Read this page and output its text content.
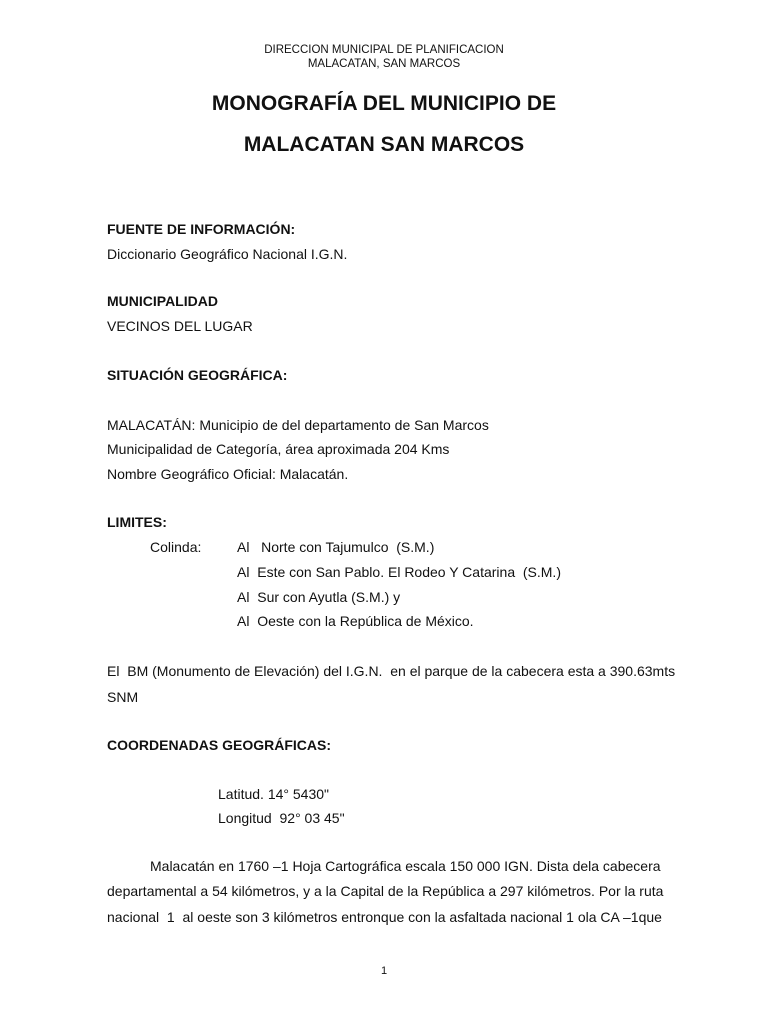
DIRECCION MUNICIPAL DE PLANIFICACION
MALACATAN, SAN MARCOS
MONOGRAFÍA DEL MUNICIPIO DE
MALACATAN SAN MARCOS
FUENTE DE INFORMACIÓN:
Diccionario Geográfico Nacional I.G.N.
MUNICIPALIDAD
VECINOS DEL LUGAR
SITUACIÓN GEOGRÁFICA:
MALACATÁN: Municipio de del departamento de San Marcos
Municipalidad de Categoría, área aproximada 204 Kms
Nombre Geográfico Oficial: Malacatán.
LIMITES:
Colinda:	Al   Norte con Tajumulco  (S.M.)
Al  Este con San Pablo. El Rodeo Y Catarina  (S.M.)
Al  Sur con Ayutla (S.M.) y
Al  Oeste con la República de México.
El  BM (Monumento de Elevación) del I.G.N.  en el parque de la cabecera esta a 390.63mts
SNM
COORDENADAS GEOGRÁFICAS:
Latitud. 14° 5430"
Longitud  92° 03 45"
Malacatán en 1760 –1 Hoja Cartográfica escala 150 000 IGN. Dista dela cabecera
departamental a 54 kilómetros, y a la Capital de la República a 297 kilómetros. Por la ruta
nacional  1  al oeste son 3 kilómetros entronque con la asfaltada nacional 1 ola CA –1que
1
